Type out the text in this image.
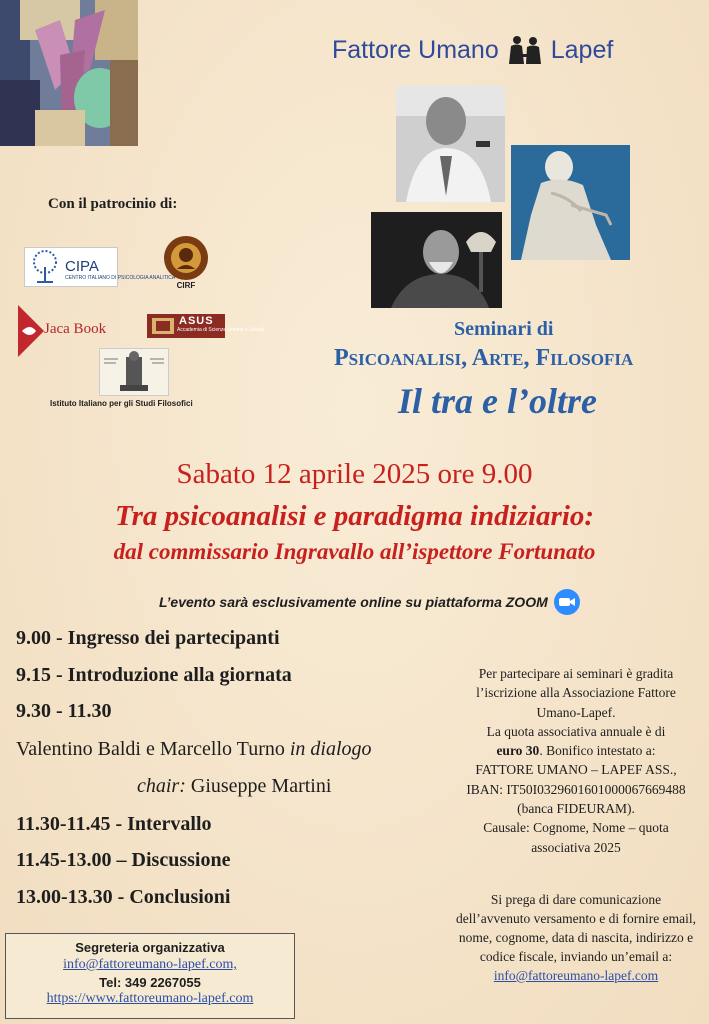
Fattore Umano Lapef
Con il patrocinio di:
CIPA
CENTRO ITALIANO DI PSICOLOGIA ANALITICA
CIRF
Jaca Book	ASUS
Accademia di Scienze Umane e Sociali
Istituto Italiano per gli Studi Filosofici
Seminari di
Psicoanalisi, Arte, Filosofia
Il tra e l’oltre
Sabato 12 aprile 2025 ore 9.00
Tra psicoanalisi e paradigma indiziario:
dal commissario Ingravallo all’ispettore Fortunato
L’evento sarà esclusivamente online su piattaforma ZOOM
9.00 - Ingresso dei partecipanti
9.15 - Introduzione alla giornata
9.30 - 11.30
Valentino Baldi e Marcello Turno in dialogo
chair: Giuseppe Martini
11.30-11.45 - Intervallo
11.45-13.00 – Discussione
13.00-13.30 - Conclusioni
Per partecipare ai seminari è gradita
l’iscrizione alla Associazione Fattore
Umano-Lapef.
La quota associativa annuale è di
euro 30. Bonifico intestato a:
FATTORE UMANO – LAPEF ASS.,
IBAN: IT50I0329601601000067669488
(banca FIDEURAM).
Causale: Cognome, Nome – quota
associativa 2025
Si prega di dare comunicazione
dell’avvenuto versamento e di fornire email,
nome, cognome, data di nascita, indirizzo e
codice fiscale, inviando un’email a:
info@fattoreumano-lapef.com
Segreteria organizzativa
info@fattoreumano-lapef.com,
Tel: 349 2267055
https://www.fattoreumano-lapef.com
